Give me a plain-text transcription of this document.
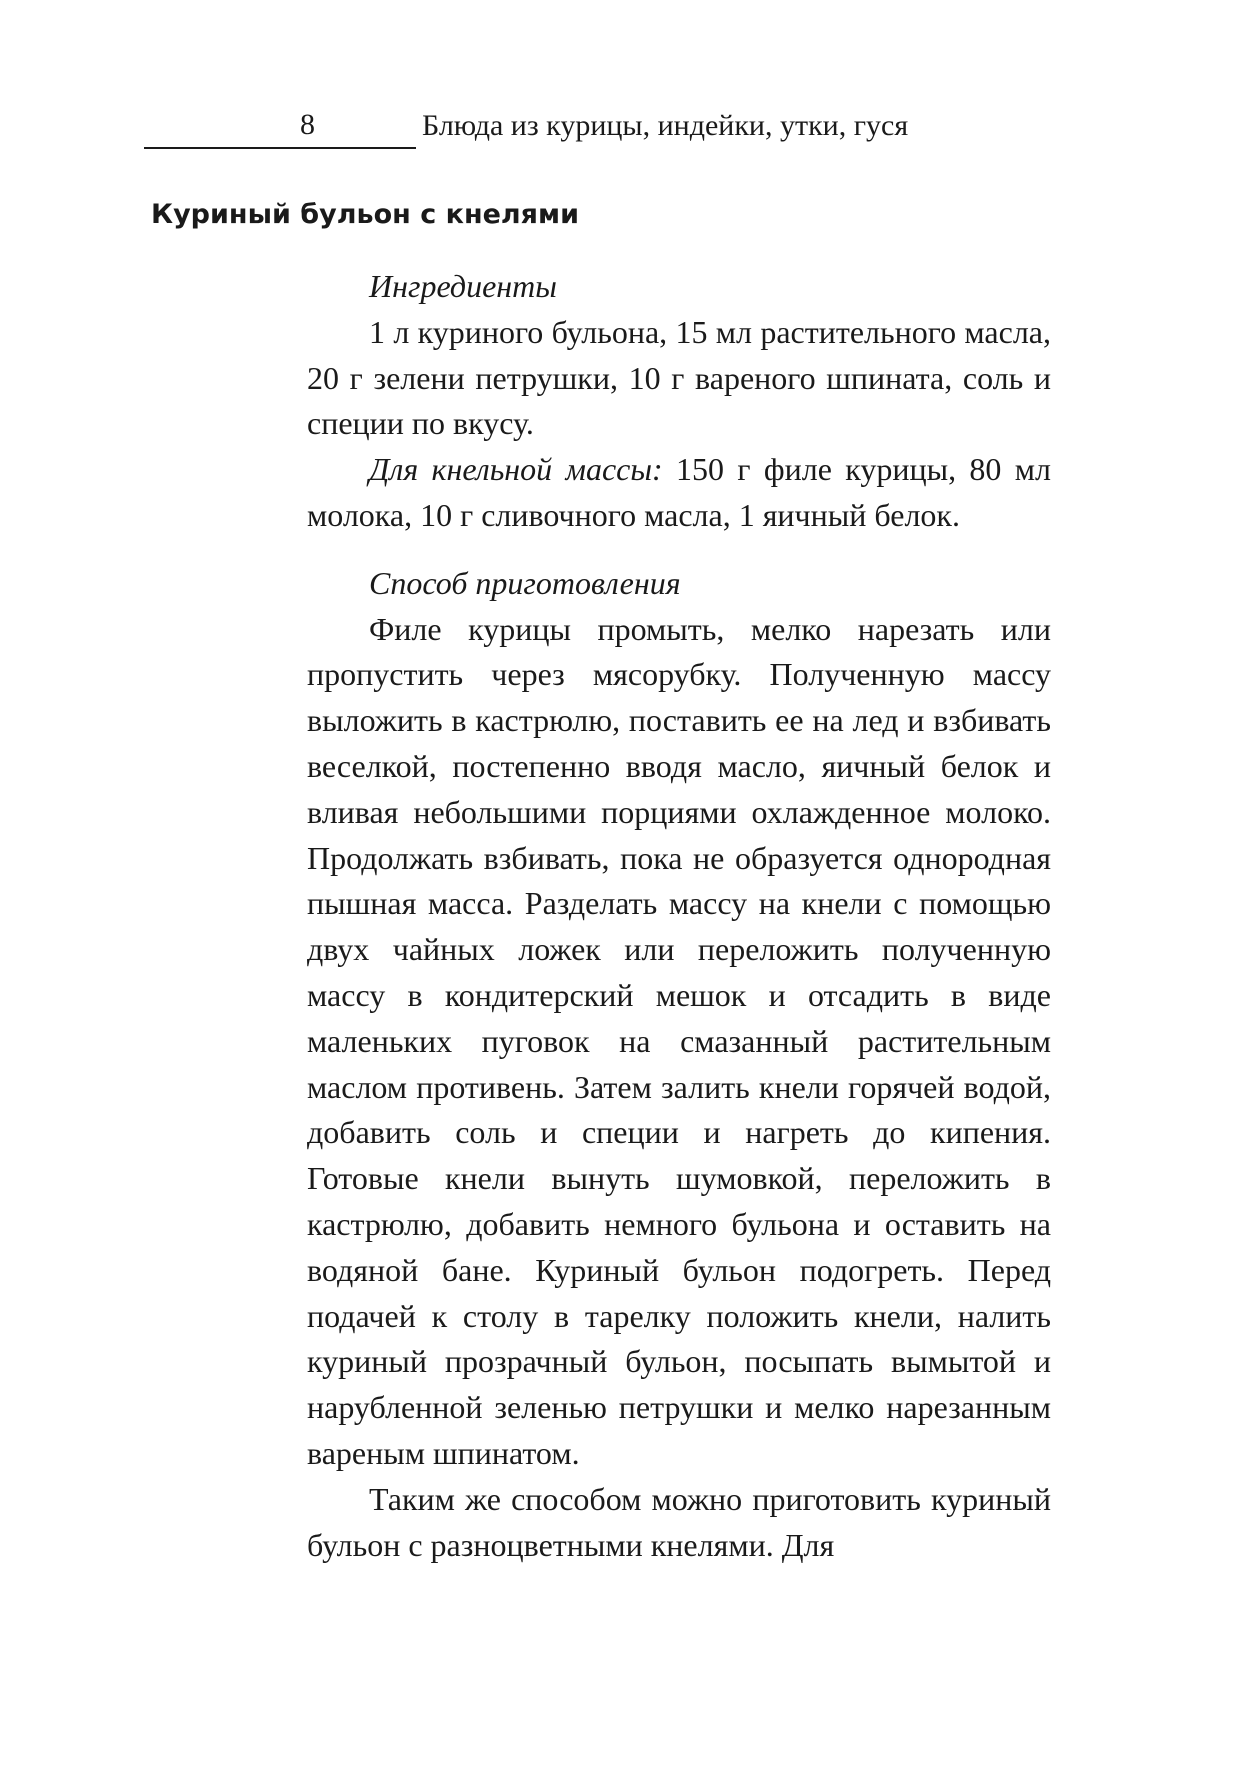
8	Блюда из курицы, индейки, утки, гуся
Куриный бульон с кнелями
Ингредиенты

1 л куриного бульона, 15 мл растительного масла, 20 г зелени петрушки, 10 г вареного шпината, соль и специи по вкусу.

Для кнельной массы: 150 г филе курицы, 80 мл молока, 10 г сливочного масла, 1 яичный белок.

Способ приготовления

Филе курицы промыть, мелко нарезать или пропустить через мясорубку. Полученную массу выложить в кастрюлю, поставить ее на лед и взбивать веселкой, постепенно вводя масло, яичный белок и вливая небольшими порциями охлажденное молоко. Продолжать взбивать, пока не образуется однородная пышная масса. Разделать массу на кнели с помощью двух чайных ложек или переложить полученную массу в кондитерский мешок и отсадить в виде маленьких пуговок на смазанный растительным маслом противень. Затем залить кнели горячей водой, добавить соль и специи и нагреть до кипения. Готовые кнели вынуть шумовкой, переложить в кастрюлю, добавить немного бульона и оставить на водяной бане. Куриный бульон подогреть. Перед подачей к столу в тарелку положить кнели, налить куриный прозрачный бульон, посыпать вымытой и нарубленной зеленью петрушки и мелко нарезанным вареным шпинатом.

Таким же способом можно приготовить куриный бульон с разноцветными кнелями. Для
